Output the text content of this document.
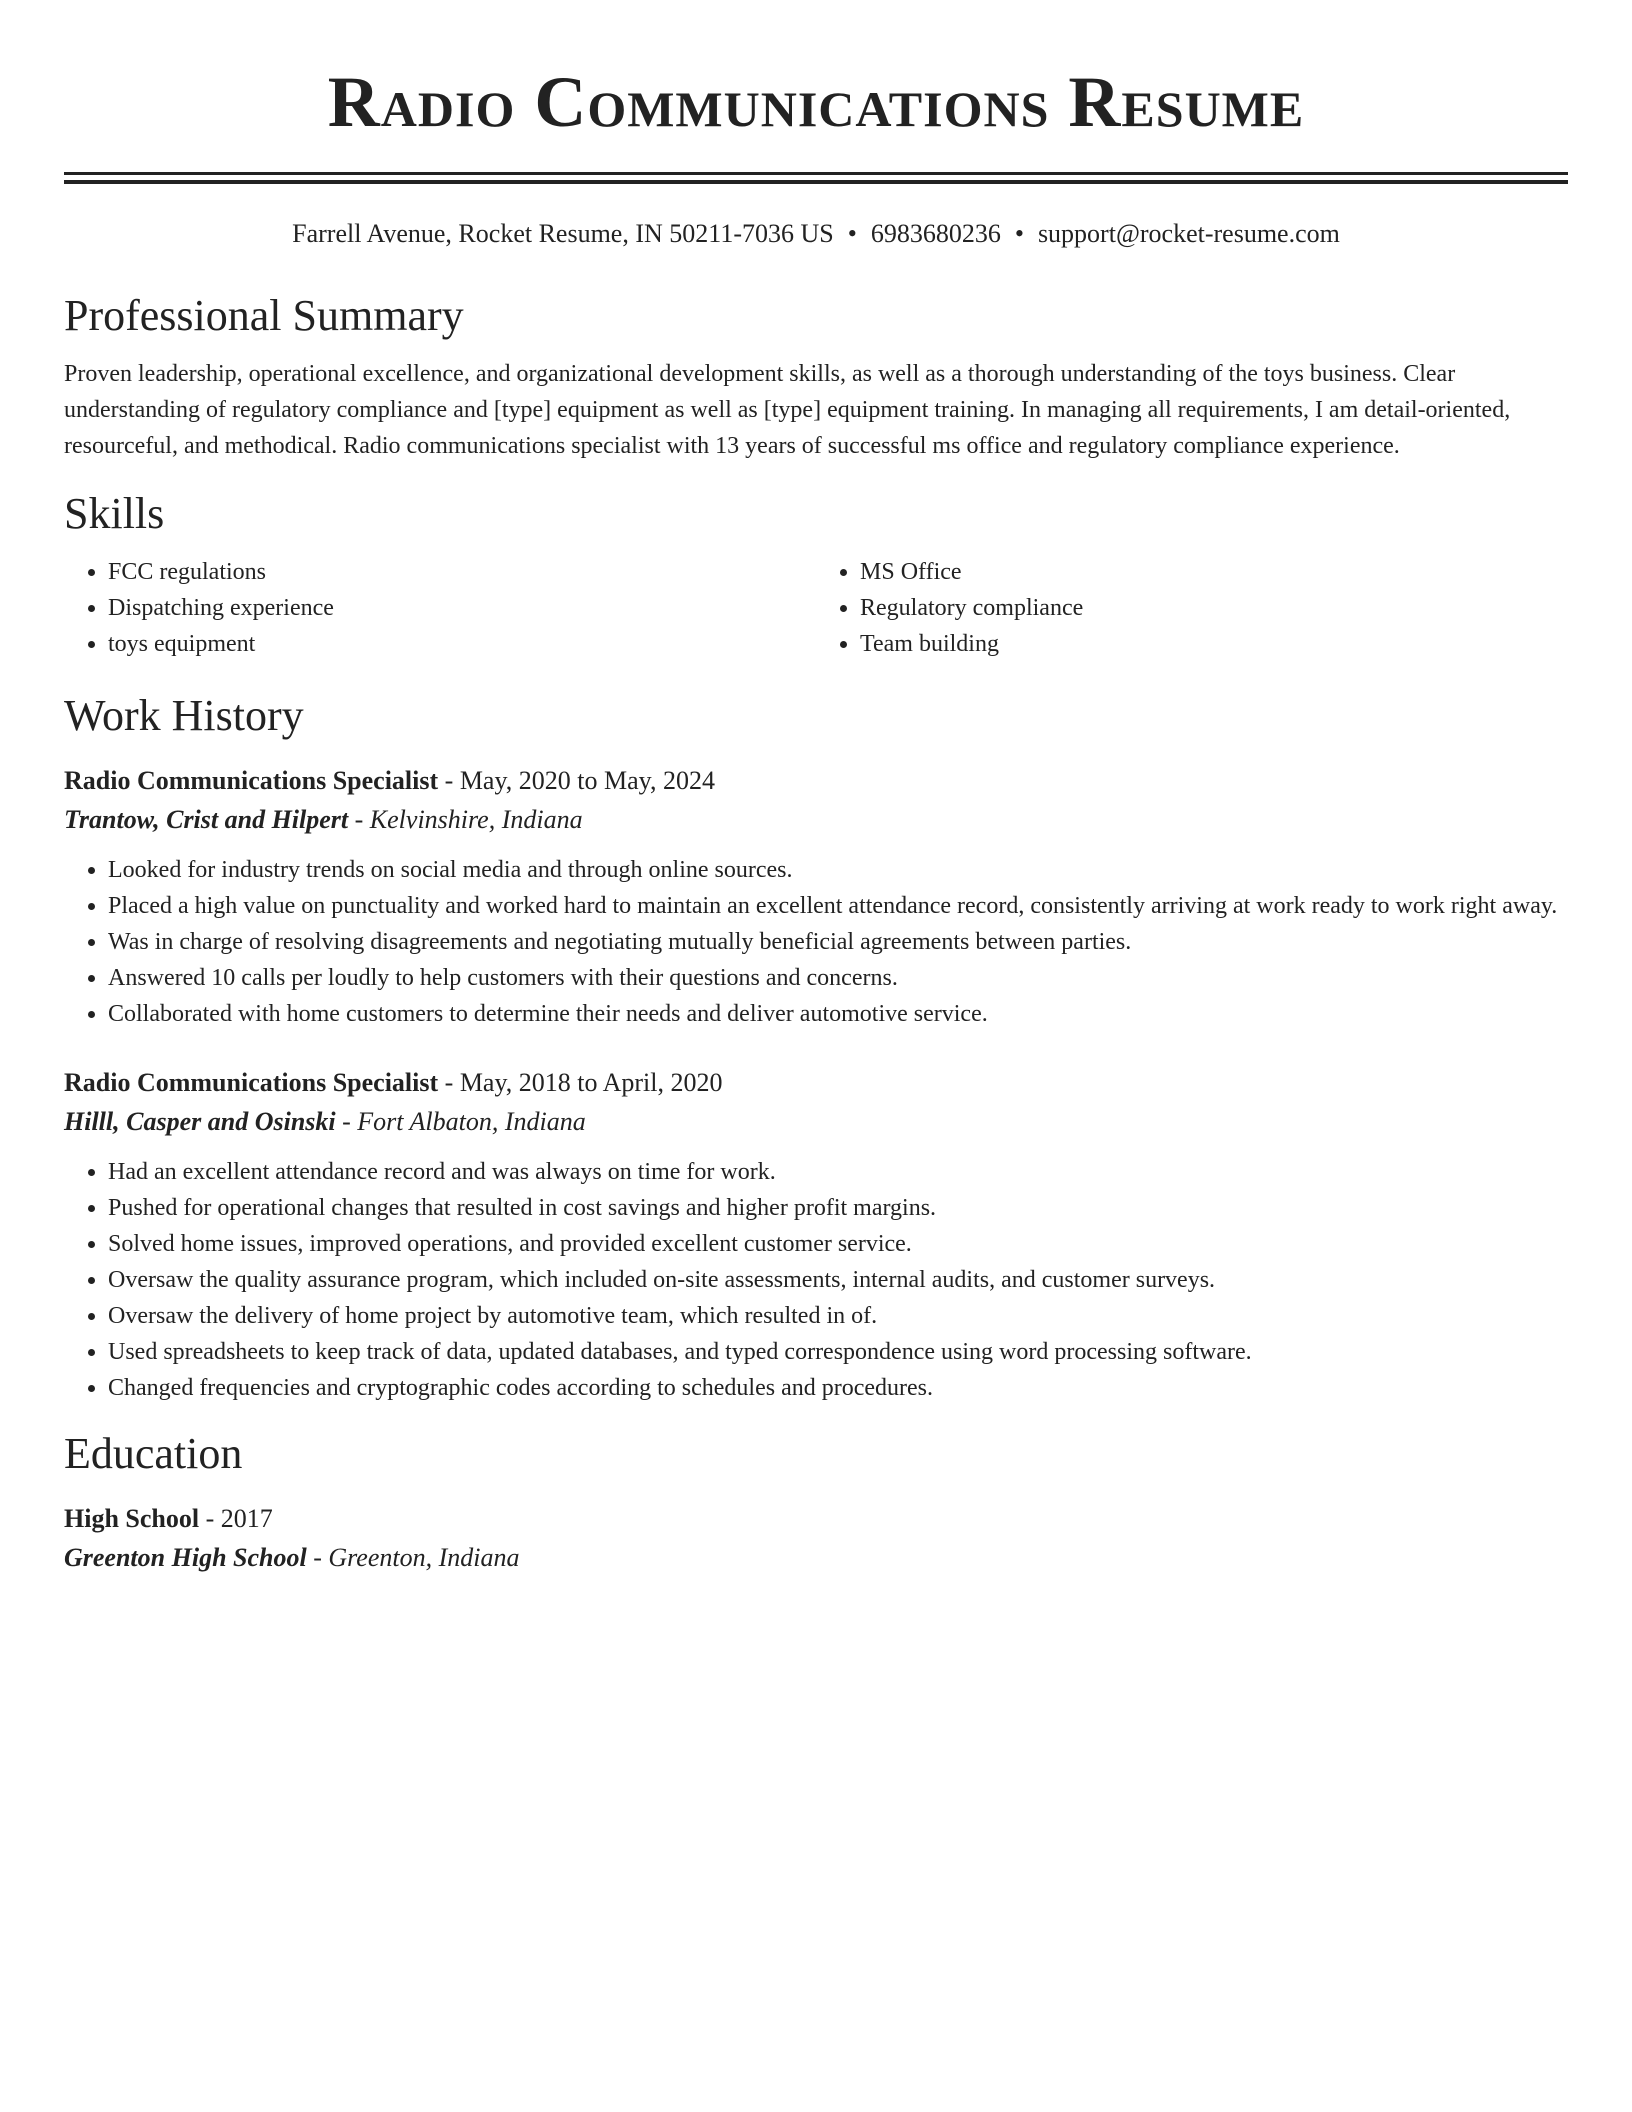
Radio Communications Resume
Farrell Avenue, Rocket Resume, IN 50211-7036 US • 6983680236 • support@rocket-resume.com
Professional Summary
Proven leadership, operational excellence, and organizational development skills, as well as a thorough understanding of the toys business. Clear understanding of regulatory compliance and [type] equipment as well as [type] equipment training. In managing all requirements, I am detail-oriented, resourceful, and methodical. Radio communications specialist with 13 years of successful ms office and regulatory compliance experience.
Skills
• FCC regulations
• Dispatching experience
• toys equipment
• MS Office
• Regulatory compliance
• Team building
Work History
Radio Communications Specialist - May, 2020 to May, 2024
Trantow, Crist and Hilpert - Kelvinshire, Indiana
• Looked for industry trends on social media and through online sources.
• Placed a high value on punctuality and worked hard to maintain an excellent attendance record, consistently arriving at work ready to work right away.
• Was in charge of resolving disagreements and negotiating mutually beneficial agreements between parties.
• Answered 10 calls per loudly to help customers with their questions and concerns.
• Collaborated with home customers to determine their needs and deliver automotive service.
Radio Communications Specialist - May, 2018 to April, 2020
Hilll, Casper and Osinski - Fort Albaton, Indiana
• Had an excellent attendance record and was always on time for work.
• Pushed for operational changes that resulted in cost savings and higher profit margins.
• Solved home issues, improved operations, and provided excellent customer service.
• Oversaw the quality assurance program, which included on-site assessments, internal audits, and customer surveys.
• Oversaw the delivery of home project by automotive team, which resulted in of.
• Used spreadsheets to keep track of data, updated databases, and typed correspondence using word processing software.
• Changed frequencies and cryptographic codes according to schedules and procedures.
Education
High School - 2017
Greenton High School - Greenton, Indiana
